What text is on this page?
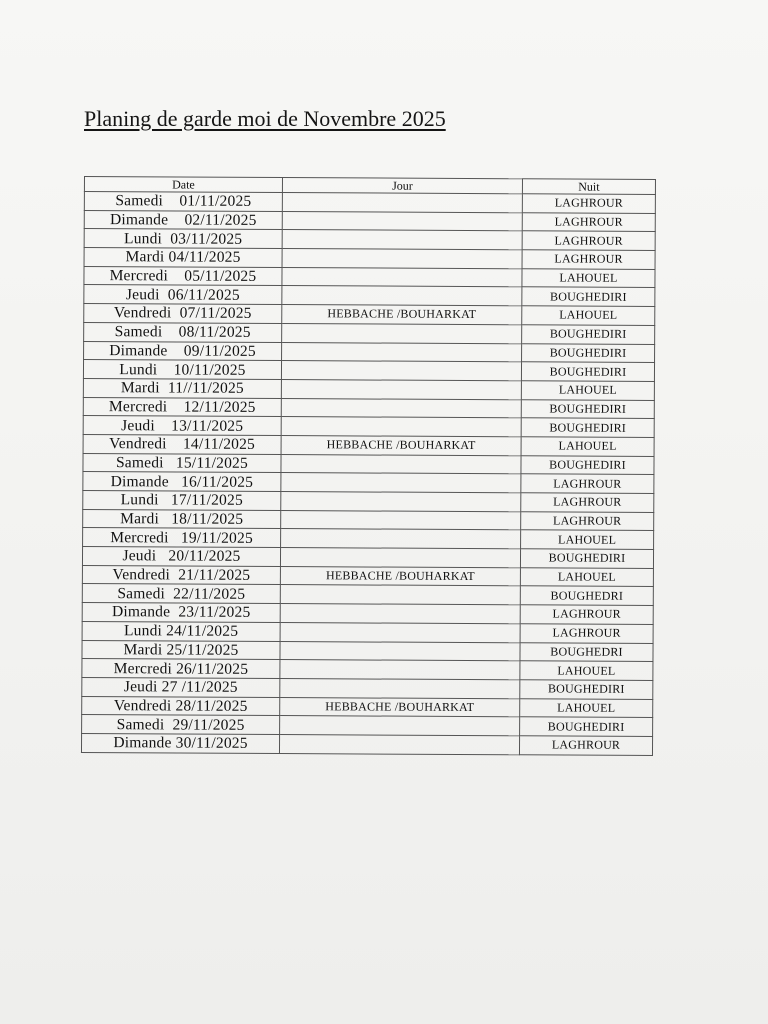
Planing de garde moi de Novembre 2025
Date	Jour	Nuit
Samedi    01/11/2025		LAGHROUR
Dimande    02/11/2025		LAGHROUR
Lundi  03/11/2025		LAGHROUR
Mardi 04/11/2025		LAGHROUR
Mercredi    05/11/2025		LAHOUEL
Jeudi  06/11/2025		BOUGHEDIRI
Vendredi  07/11/2025	HEBBACHE /BOUHARKAT	LAHOUEL
Samedi    08/11/2025		BOUGHEDIRI
Dimande    09/11/2025		BOUGHEDIRI
Lundi    10/11/2025		BOUGHEDIRI
Mardi  11//11/2025		LAHOUEL
Mercredi    12/11/2025		BOUGHEDIRI
Jeudi    13/11/2025		BOUGHEDIRI
Vendredi    14/11/2025	HEBBACHE /BOUHARKAT	LAHOUEL
Samedi   15/11/2025		BOUGHEDIRI
Dimande   16/11/2025		LAGHROUR
Lundi   17/11/2025		LAGHROUR
Mardi   18/11/2025		LAGHROUR
Mercredi   19/11/2025		LAHOUEL
Jeudi   20/11/2025		BOUGHEDIRI
Vendredi  21/11/2025	HEBBACHE /BOUHARKAT	LAHOUEL
Samedi  22/11/2025		BOUGHEDRI
Dimande  23/11/2025		LAGHROUR
Lundi 24/11/2025		LAGHROUR
Mardi 25/11/2025		BOUGHEDRI
Mercredi 26/11/2025		LAHOUEL
Jeudi 27 /11/2025		BOUGHEDIRI
Vendredi 28/11/2025	HEBBACHE /BOUHARKAT	LAHOUEL
Samedi  29/11/2025		BOUGHEDIRI
Dimande 30/11/2025		LAGHROUR
